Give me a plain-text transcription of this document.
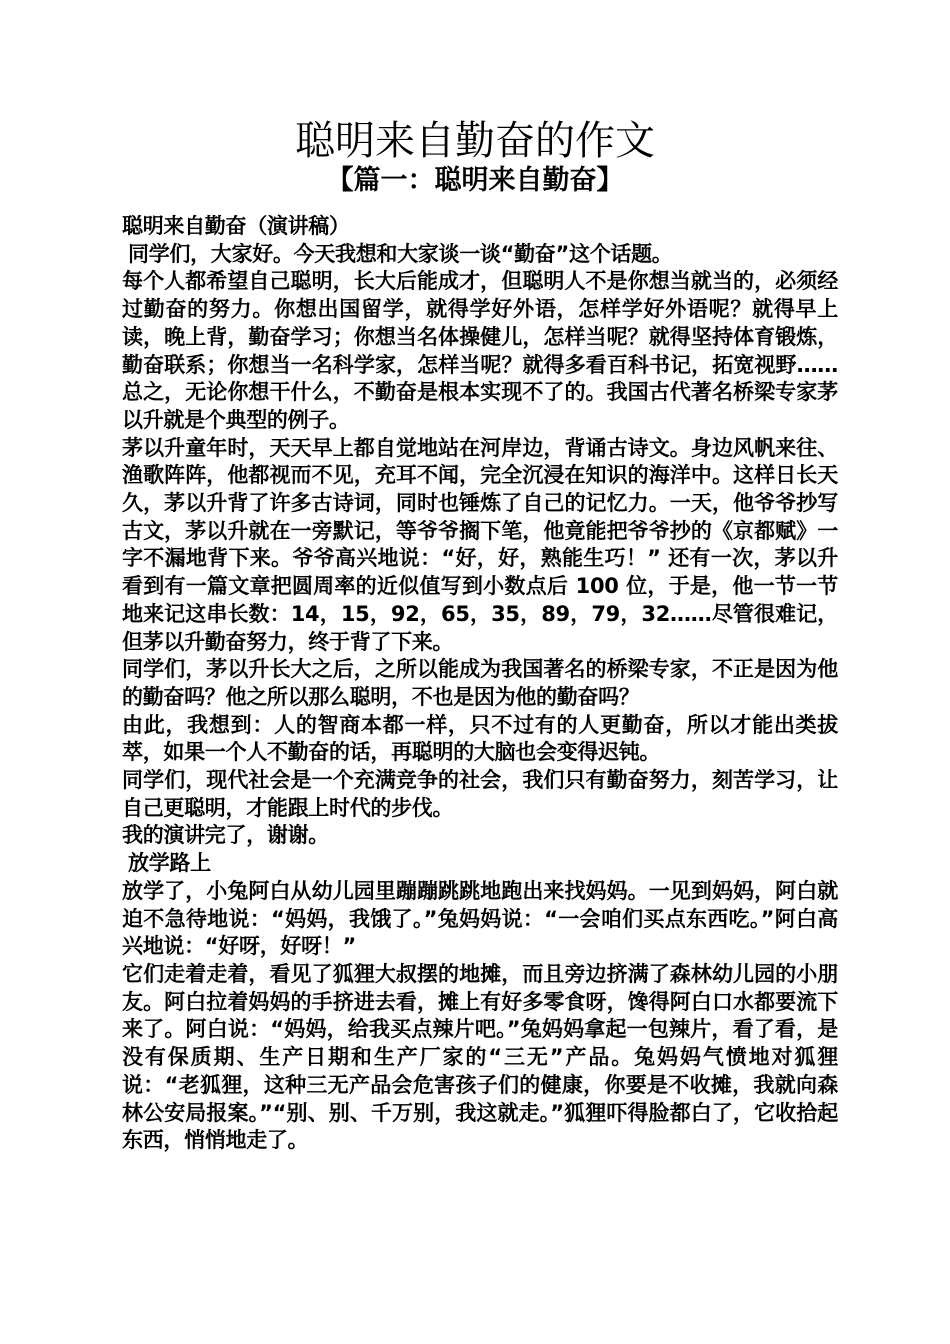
聪明来自勤奋的作文
【篇一：聪明来自勤奋】

聪明来自勤奋（演讲稿）

同学们，大家好。今天我想和大家谈一谈“勤奋”这个话题。

每个人都希望自己聪明，长大后能成才，但聪明人不是你想当就当的，必须经过勤奋的努力。你想出国留学，就得学好外语，怎样学好外语呢？就得早上读，晚上背，勤奋学习；你想当名体操健儿，怎样当呢？就得坚持体育锻炼，勤奋联系；你想当一名科学家，怎样当呢？就得多看百科书记，拓宽视野……总之，无论你想干什么，不勤奋是根本实现不了的。我国古代著名桥梁专家茅以升就是个典型的例子。

茅以升童年时，天天早上都自觉地站在河岸边，背诵古诗文。身边风帆来往、渔歌阵阵，他都视而不见，充耳不闻，完全沉浸在知识的海洋中。这样日长天久，茅以升背了许多古诗词，同时也锤炼了自己的记忆力。一天，他爷爷抄写古文，茅以升就在一旁默记，等爷爷搁下笔，他竟能把爷爷抄的《京都赋》一字不漏地背下来。爷爷高兴地说：“好，好，熟能生巧！” 还有一次，茅以升看到有一篇文章把圆周率的近似值写到小数点后 100 位，于是，他一节一节地来记这串长数：14，15，92，65，35，89，79，32……尽管很难记，但茅以升勤奋努力，终于背了下来。

同学们，茅以升长大之后，之所以能成为我国著名的桥梁专家，不正是因为他的勤奋吗？他之所以那么聪明，不也是因为他的勤奋吗？

由此，我想到：人的智商本都一样，只不过有的人更勤奋，所以才能出类拔萃，如果一个人不勤奋的话，再聪明的大脑也会变得迟钝。

同学们，现代社会是一个充满竞争的社会，我们只有勤奋努力，刻苦学习，让自己更聪明，才能跟上时代的步伐。

我的演讲完了，谢谢。

放学路上

放学了，小兔阿白从幼儿园里蹦蹦跳跳地跑出来找妈妈。一见到妈妈，阿白就迫不急待地说：“妈妈，我饿了。”兔妈妈说：“一会咱们买点东西吃。”阿白高兴地说：“好呀，好呀！”

它们走着走着，看见了狐狸大叔摆的地摊，而且旁边挤满了森林幼儿园的小朋友。阿白拉着妈妈的手挤进去看，摊上有好多零食呀，馋得阿白口水都要流下来了。阿白说：“妈妈，给我买点辣片吧。”兔妈妈拿起一包辣片，看了看，是没有保质期、生产日期和生产厂家的“三无”产品。兔妈妈气愤地对狐狸说：“老狐狸，这种三无产品会危害孩子们的健康，你要是不收摊，我就向森林公安局报案。”“别、别、千万别，我这就走。”狐狸吓得脸都白了，它收拾起东西，悄悄地走了。
